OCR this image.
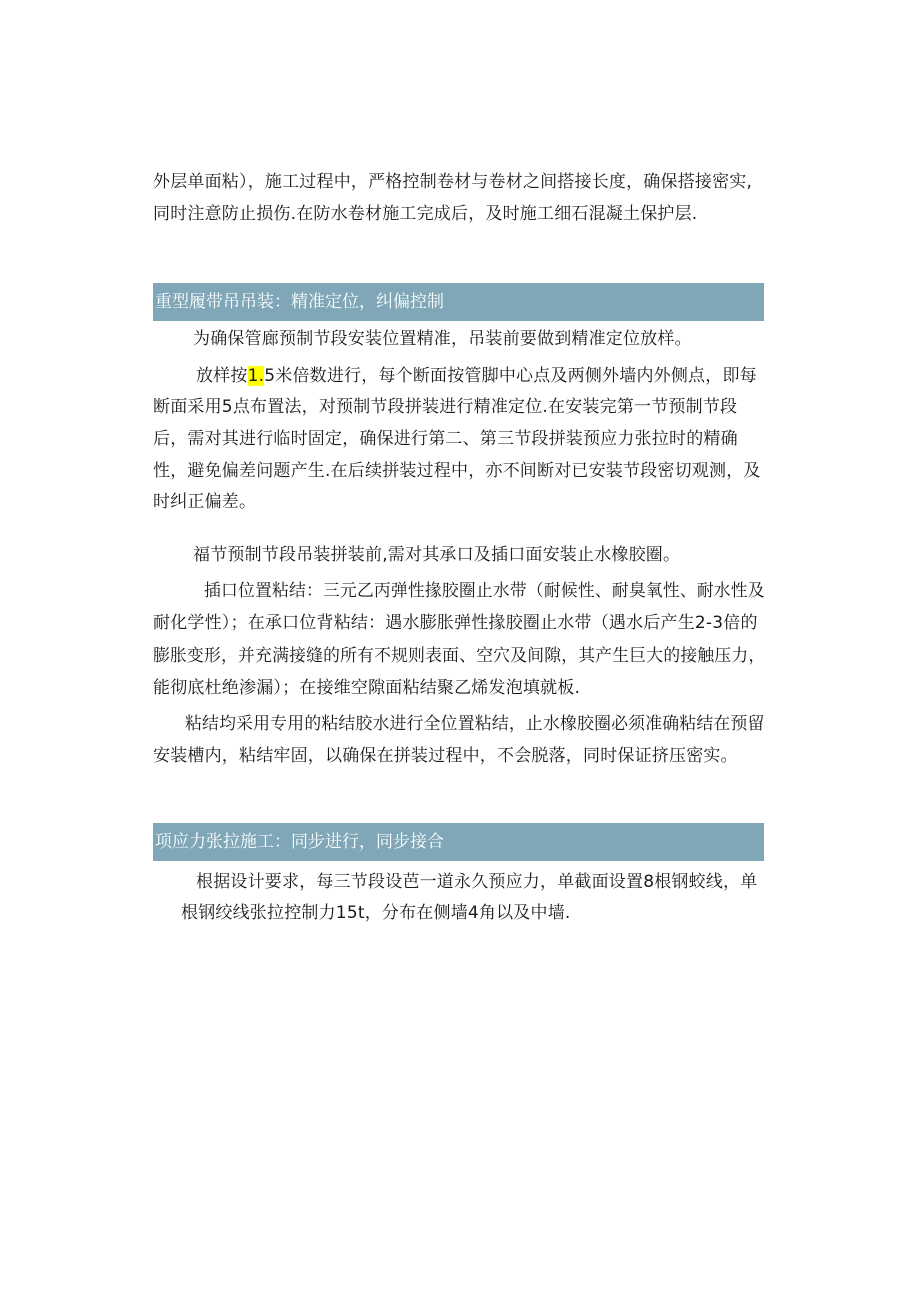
外层单面粘），施工过程中，严格控制卷材与卷材之间搭接长度，确保搭接密实,

同时注意防止损伤.在防水卷材施工完成后，及时施工细石混凝土保护层.

重型履带吊吊装：精准定位，纠偏控制

为确保管廊预制节段安装位置精准，吊装前要做到精准定位放样。

放样按1.5米倍数进行，每个断面按管脚中心点及两侧外墙内外侧点，即每

断面采用5点布置法，对预制节段拼装进行精准定位.在安装完第一节预制节段

后，需对其进行临时固定，确保进行第二、第三节段拼装预应力张拉时的精确

性，避免偏差问题产生.在后续拼装过程中，亦不间断对已安装节段密切观测，及

时纠正偏差。

福节预制节段吊装拼装前,需对其承口及插口面安装止水橡胶圈。

插口位置粘结：三元乙丙弹性掾胶圈止水带（耐候性、耐臭氧性、耐水性及

耐化学性）；在承口位背粘结：遇水膨胀弹性掾胶圈止水带（遇水后产生2-3倍的

膨胀变形，并充满接缝的所有不规则表面、空穴及间隙，其产生巨大的接触压力，

能彻底杜绝渗漏）；在接维空隙面粘结聚乙烯发泡填就板.

粘结均采用专用的粘结胶水进行全位置粘结，止水橡胶圈必须准确粘结在预留

安装槽内，粘结牢固，以确保在拼装过程中，不会脱落，同时保证挤压密实。

项应力张拉施工：同步进行，同步接合

根据设计要求，每三节段设芭一道永久预应力，单截面设置8根钢蛟线，单

根钢绞线张拉控制力15t，分布在侧墙4角以及中墙.
